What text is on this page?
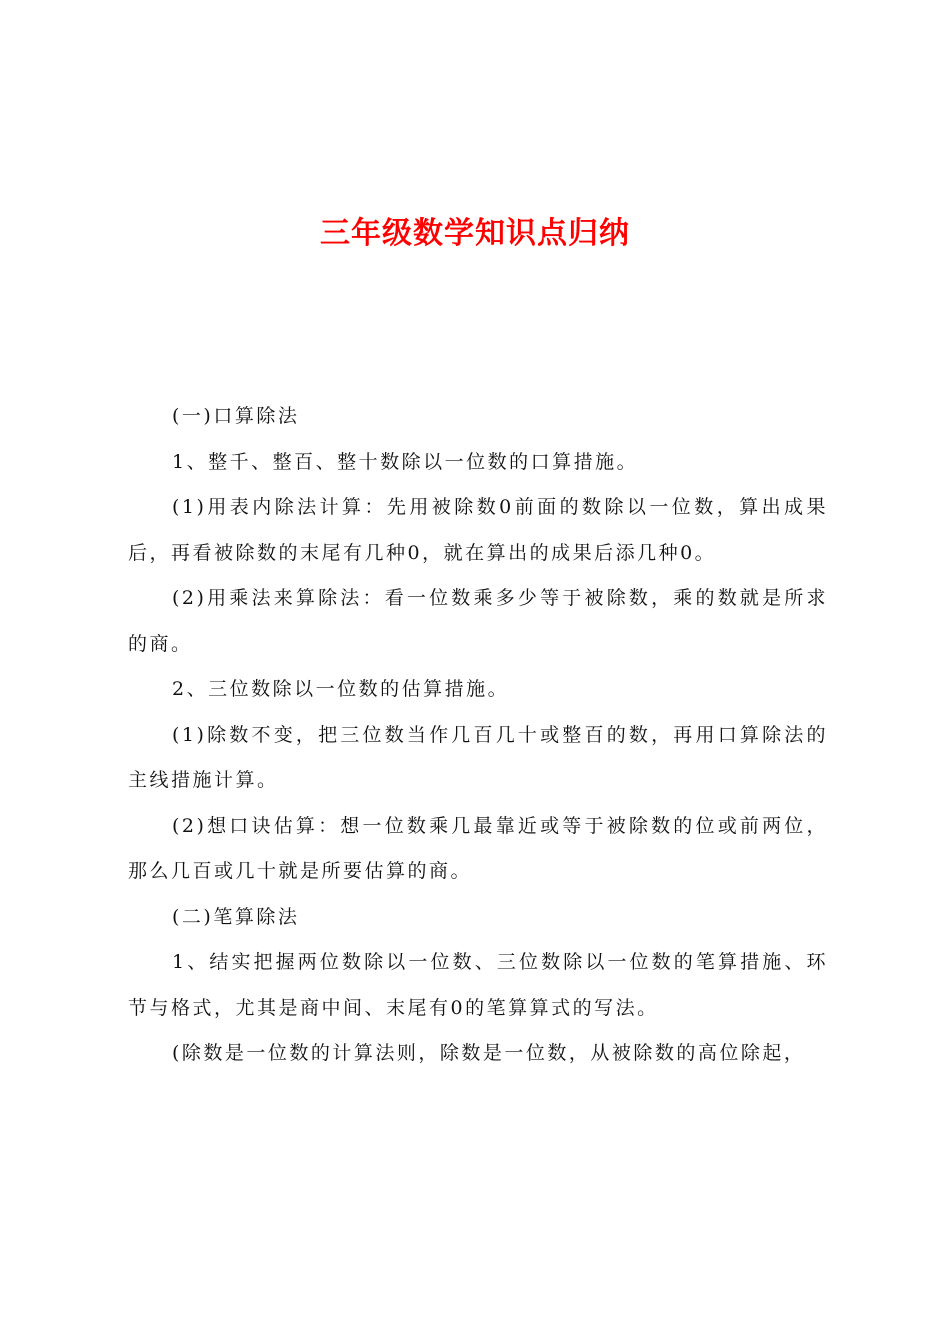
三年级数学知识点归纳

(一)口算除法

1、整千、整百、整十数除以一位数的口算措施。

(1)用表内除法计算：先用被除数0前面的数除以一位数，算出成果后，再看被除数的末尾有几种0，就在算出的成果后添几种0。

(2)用乘法来算除法：看一位数乘多少等于被除数，乘的数就是所求的商。

2、三位数除以一位数的估算措施。

(1)除数不变，把三位数当作几百几十或整百的数，再用口算除法的主线措施计算。

(2)想口诀估算：想一位数乘几最靠近或等于被除数的位或前两位，那么几百或几十就是所要估算的商。

(二)笔算除法

1、结实把握两位数除以一位数、三位数除以一位数的笔算措施、环节与格式，尤其是商中间、末尾有0的笔算算式的写法。

(除数是一位数的计算法则，除数是一位数，从被除数的高位除起，
